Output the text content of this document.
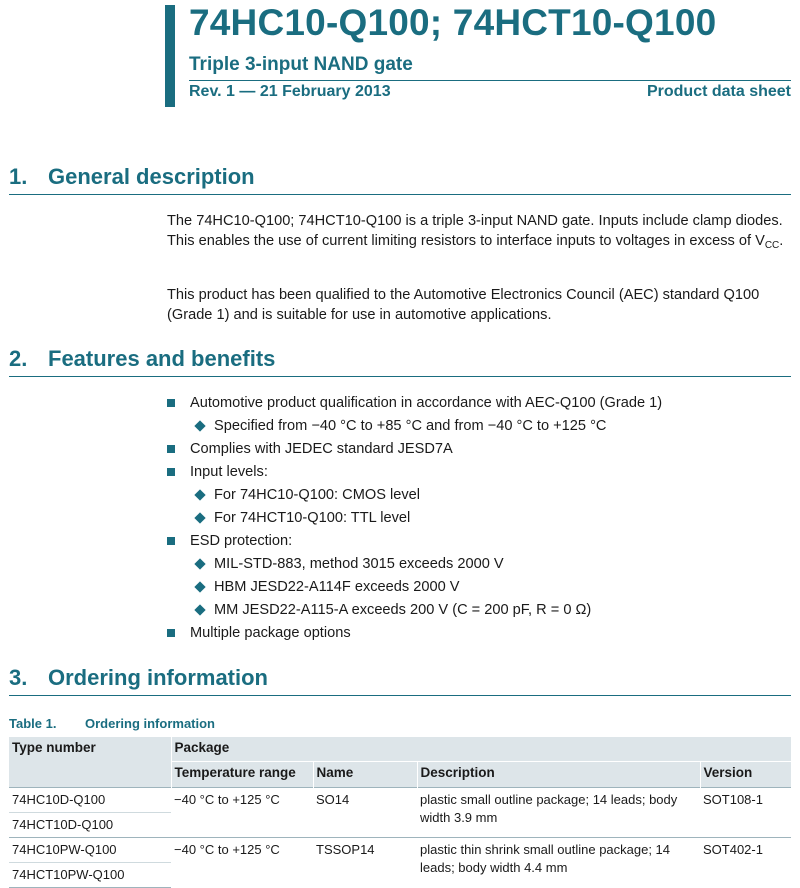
74HC10-Q100; 74HCT10-Q100
Triple 3-input NAND gate
Rev. 1 — 21 February 2013	Product data sheet
1. General description

The 74HC10-Q100; 74HCT10-Q100 is a triple 3-input NAND gate. Inputs include clamp diodes. This enables the use of current limiting resistors to interface inputs to voltages in excess of $V_{CC}$.

This product has been qualified to the Automotive Electronics Council (AEC) standard Q100 (Grade 1) and is suitable for use in automotive applications.

2. Features and benefits
Automotive product qualification in accordance with AEC-Q100 (Grade 1)
Specified from −40 °C to +85 °C and from −40 °C to +125 °C
Complies with JEDEC standard JESD7A
Input levels:
For 74HC10-Q100: CMOS level
For 74HCT10-Q100: TTL level
ESD protection:
MIL-STD-883, method 3015 exceeds 2000 V
HBM JESD22-A114F exceeds 2000 V
MM JESD22-A115-A exceeds 200 V (C = 200 pF, R = 0 Ω)
Multiple package options
3. Ordering information
Table 1. Ordering information
Type number	Package			
	Temperature range	Name	Description	Version
74HC10D-Q100	−40 °C to +125 °C	SO14	plastic small outline package; 14 leads; body width 3.9 mm	SOT108-1
74HCT10D-Q100				
74HC10PW-Q100	−40 °C to +125 °C	TSSOP14	plastic thin shrink small outline package; 14 leads; body width 4.4 mm	SOT402-1
74HCT10PW-Q100				
